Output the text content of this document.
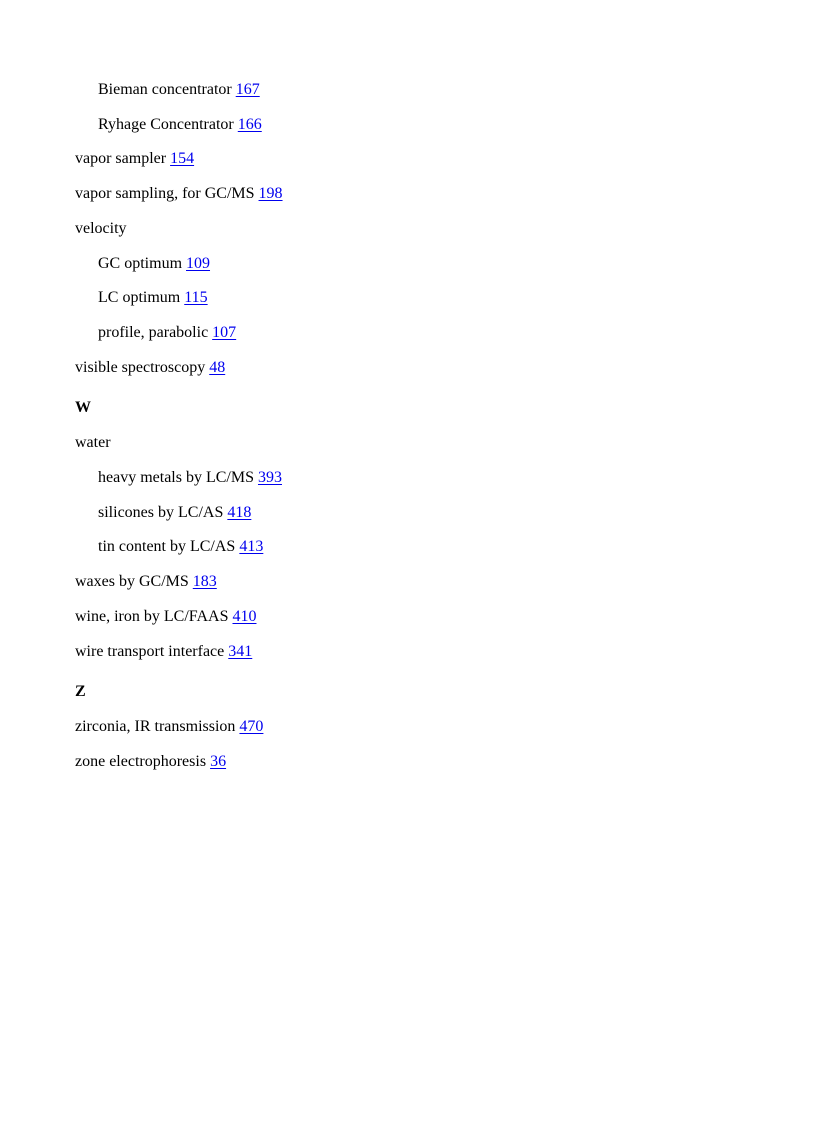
Bieman concentrator 167
Ryhage Concentrator 166
vapor sampler 154
vapor sampling, for GC/MS 198
velocity
GC optimum 109
LC optimum 115
profile, parabolic 107
visible spectroscopy 48
W
water
heavy metals by LC/MS 393
silicones by LC/AS 418
tin content by LC/AS 413
waxes by GC/MS 183
wine, iron by LC/FAAS 410
wire transport interface 341
Z
zirconia, IR transmission 470
zone electrophoresis 36
